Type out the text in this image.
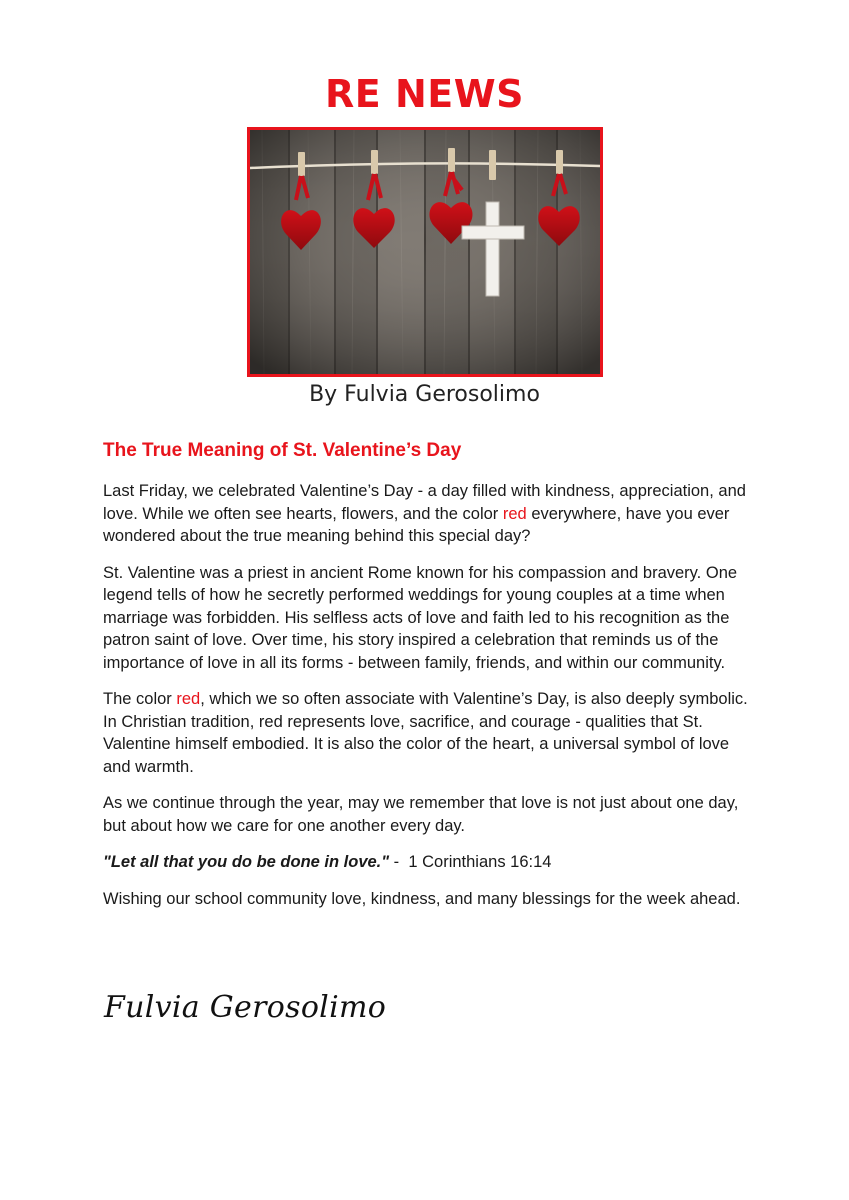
RE NEWS
By Fulvia Gerosolimo
The True Meaning of St. Valentine’s Day

Last Friday, we celebrated Valentine’s Day - a day filled with kindness, appreciation, and love. While we often see hearts, flowers, and the color red everywhere, have you ever wondered about the true meaning behind this special day?

St. Valentine was a priest in ancient Rome known for his compassion and bravery. One legend tells of how he secretly performed weddings for young couples at a time when marriage was forbidden. His selfless acts of love and faith led to his recognition as the patron saint of love. Over time, his story inspired a celebration that reminds us of the importance of love in all its forms - between family, friends, and within our community.

The color red, which we so often associate with Valentine’s Day, is also deeply symbolic. In Christian tradition, red represents love, sacrifice, and courage - qualities that St. Valentine himself embodied. It is also the color of the heart, a universal symbol of love and warmth.

As we continue through the year, may we remember that love is not just about one day, but about how we care for one another every day.

"Let all that you do be done in love." -  1 Corinthians 16:14

Wishing our school community love, kindness, and many blessings for the week ahead.

Fulvia Gerosolimo
